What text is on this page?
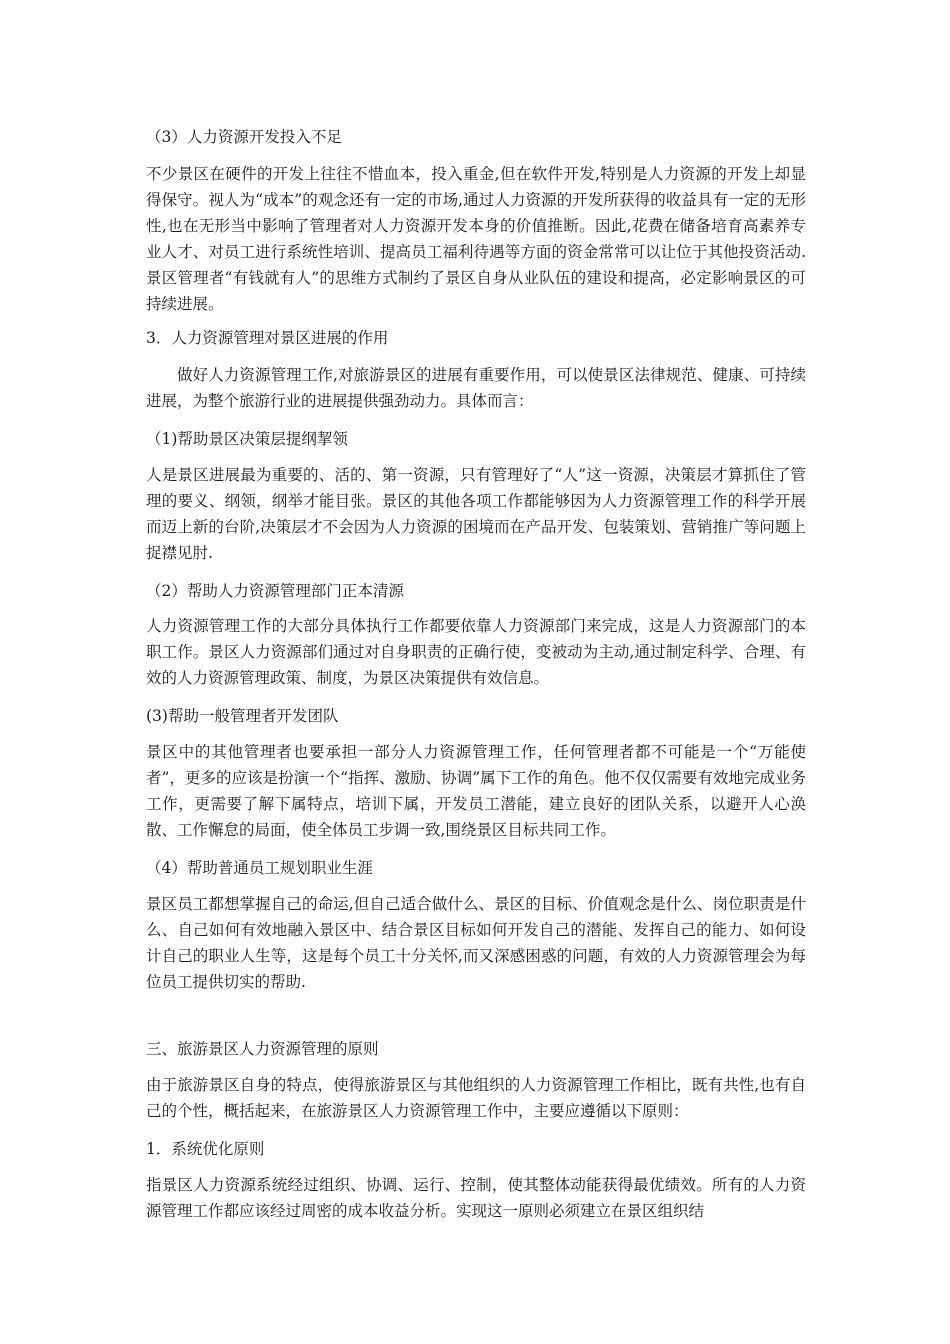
（3）人力资源开发投入不足

不少景区在硬件的开发上往往不惜血本，投入重金,但在软件开发,特别是人力资源的开发上却显得保守。视人为“成本”的观念还有一定的市场,通过人力资源的开发所获得的收益具有一定的无形性,也在无形当中影响了管理者对人力资源开发本身的价值推断。因此,花费在储备培育高素养专业人才、对员工进行系统性培训、提高员工福利待遇等方面的资金常常可以让位于其他投资活动.景区管理者“有钱就有人”的思维方式制约了景区自身从业队伍的建设和提高，必定影响景区的可持续进展。

3．人力资源管理对景区进展的作用

做好人力资源管理工作,对旅游景区的进展有重要作用，可以使景区法律规范、健康、可持续进展，为整个旅游行业的进展提供强劲动力。具体而言：

（1)帮助景区决策层提纲挈领

人是景区进展最为重要的、活的、第一资源，只有管理好了“人”这一资源，决策层才算抓住了管理的要义、纲领，纲举才能目张。景区的其他各项工作都能够因为人力资源管理工作的科学开展而迈上新的台阶,决策层才不会因为人力资源的困境而在产品开发、包装策划、营销推广等问题上捉襟见肘.

（2）帮助人力资源管理部门正本清源

人力资源管理工作的大部分具体执行工作都要依靠人力资源部门来完成，这是人力资源部门的本职工作。景区人力资源部们通过对自身职责的正确行使，变被动为主动,通过制定科学、合理、有效的人力资源管理政策、制度，为景区决策提供有效信息。

(3)帮助一般管理者开发团队

景区中的其他管理者也要承担一部分人力资源管理工作，任何管理者都不可能是一个“万能使者”，更多的应该是扮演一个“指挥、激励、协调”属下工作的角色。他不仅仅需要有效地完成业务工作，更需要了解下属特点，培训下属，开发员工潜能，建立良好的团队关系，以避开人心涣散、工作懈怠的局面，使全体员工步调一致,围绕景区目标共同工作。

（4）帮助普通员工规划职业生涯

景区员工都想掌握自己的命运,但自己适合做什么、景区的目标、价值观念是什么、岗位职责是什么、自己如何有效地融入景区中、结合景区目标如何开发自己的潜能、发挥自己的能力、如何设计自己的职业人生等，这是每个员工十分关怀,而又深感困惑的问题，有效的人力资源管理会为每位员工提供切实的帮助.

三、旅游景区人力资源管理的原则

由于旅游景区自身的特点，使得旅游景区与其他组织的人力资源管理工作相比，既有共性,也有自己的个性，概括起来，在旅游景区人力资源管理工作中，主要应遵循以下原则：

1．系统优化原则

指景区人力资源系统经过组织、协调、运行、控制，使其整体动能获得最优绩效。所有的人力资源管理工作都应该经过周密的成本收益分析。实现这一原则必须建立在景区组织结
